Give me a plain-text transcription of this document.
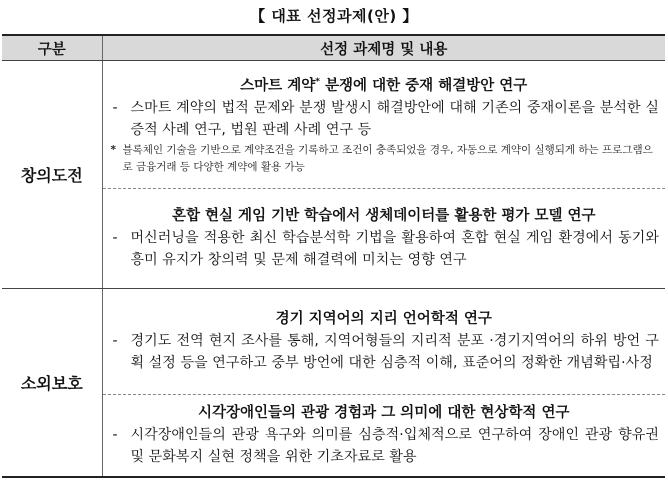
【 대표 선정과제(안) 】
구분	선정 과제명 및 내용
창의도전	스마트 계약* 분쟁에 대한 중재 해결방안 연구
- 스마트 계약의 법적 문제와 분쟁 발생시 해결방안에 대해 기존의 중재이론을 분석한 실증적 사례 연구, 법원 판례 사례 연구 등
* 블록체인 기술을 기반으로 계약조건을 기록하고 조건이 충족되었을 경우, 자동으로 계약이 실행되게 하는 프로그램으로 금융거래 등 다양한 계약에 활용 가능

	혼합 현실 게임 기반 학습에서 생체데이터를 활용한 평가 모델 연구
- 머신러닝을 적용한 최신 학습분석학 기법을 활용하여 혼합 현실 게임 환경에서 동기와 흥미 유지가 창의력 및 문제 해결력에 미치는 영향 연구

소외보호	경기 지역어의 지리 언어학적 연구
- 경기도 전역 현지 조사를 통해, 지역어형들의 지리적 분포 ·경기지역어의 하위 방언 구획 설정 등을 연구하고 중부 방언에 대한 심층적 이해, 표준어의 정확한 개념확립·사정

	시각장애인들의 관광 경험과 그 의미에 대한 현상학적 연구
- 시각장애인들의 관광 욕구와 의미를 심층적·입체적으로 연구하여 장애인 관광 향유권 및 문화복지 실현 정책을 위한 기초자료로 활용
